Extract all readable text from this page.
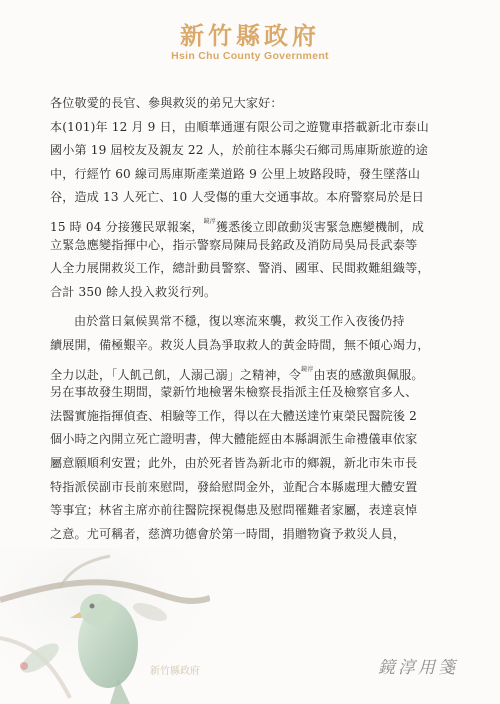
新竹縣政府
Hsin Chu County Government
新竹縣政府

各位敬愛的長官、參與救災的弟兄大家好：

本(101)年 12 月 9 日，由順華通運有限公司之遊覽車搭載新北市泰山
國小第 19 屆校友及親友 22 人，於前往本縣尖石鄉司馬庫斯旅遊的途
中，行經竹 60 線司馬庫斯產業道路 9 公里上坡路段時，發生墜落山
谷，造成 13 人死亡、10 人受傷的重大交通事故。本府警察局於是日
15 時 04 分接獲民眾報案，$^{鏡淳}$獲悉後立即啟動災害緊急應變機制，成
立緊急應變指揮中心，指示警察局陳局長銘政及消防局吳局長武泰等
人全力展開救災工作，總計動員警察、警消、國軍、民間救難組織等，
合計 350 餘人投入救災行列。

由於當日氣候異常不穩，復以寒流來襲，救災工作入夜後仍持
續展開，備極艱辛。救災人員為爭取救人的黃金時間，無不傾心竭力，
全力以赴，「人飢己飢，人溺己溺」之精神，令$^{鏡淳}$由衷的感激與佩服。
另在事故發生期間，蒙新竹地檢署朱檢察長指派主任及檢察官多人、
法醫實施指揮偵查、相驗等工作，得以在大體送達竹東榮民醫院後 2
個小時之內開立死亡證明書，俾大體能經由本縣調派生命禮儀車依家
屬意願順利安置；此外，由於死者皆為新北市的鄉親，新北市朱市長
特指派侯副市長前來慰問，發給慰問金外，並配合本縣處理大體安置
等事宜；林省主席亦前往醫院探視傷患及慰問罹難者家屬，表達哀悼
之意。尤可稱者，慈濟功德會於第一時間，捐贈物資予救災人員，

鏡淳用箋
